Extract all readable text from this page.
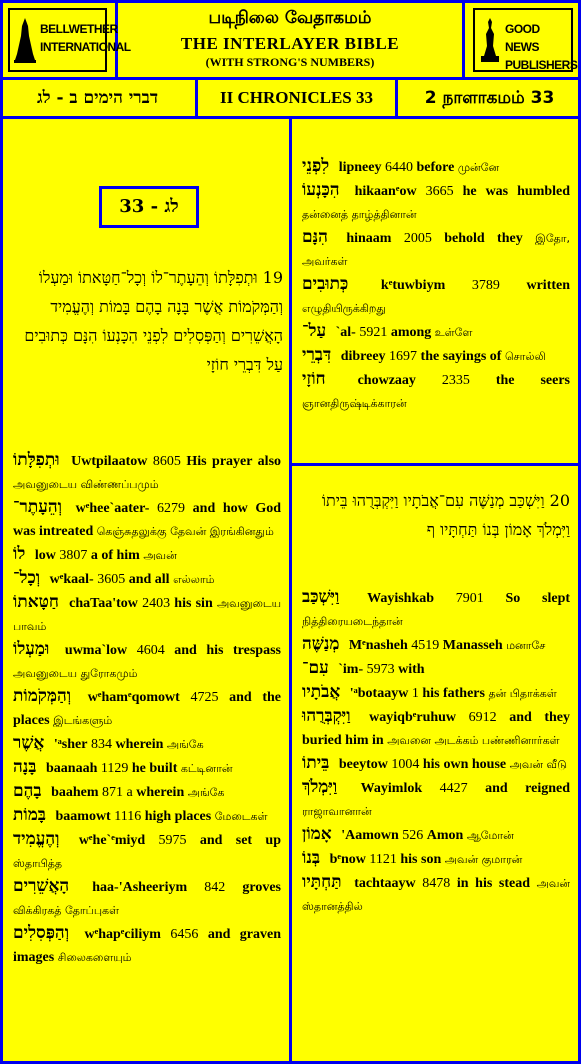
BELLWETHER
INTERNATIONAL
படிநிலை வேதாகமம்
THE INTERLAYER BIBLE
(WITH STRONG'S NUMBERS)
GOOD NEWS
PUBLISHERS
דברי הימים ב - לג	II CHRONICLES 33	2 நாளாகமம் 33
לג - 33
19 וּתְפִלָּתוֹ וְהֵעָתֶר־לוֹ וְכָל־חַטָּאתוֹ וּמַעְלוֹ וְהַמְּקֹמוֹת אֲשֶׁר בָּנָה בָהֶם בָּמוֹת וְהֶעֱמִיד הָאֲשֵׁרִים וְהַפְּסִלִים לִפְנֵי הִכָּנְעוֹ הִנָּם כְּתוּבִים עַל דִּבְרֵי חוֹזָי
וּתְפִלָּתוֹ Uwtpilaatow 8605 His prayer also அவனுடைய விண்ணப்பமும்
וְהֵעָתֶר־ wᵉhee`aater- 6279 and how God was intreated கெஞ்சுதலுக்கு தேவன் இரங்கினதும்
לוֹ low 3807 a of him அவன்
וְכָל־ wᵉkaal- 3605 and all எல்லாம்
חַטָּאתוֹ chaTaa'tow 2403 his sin அவனுடைய பாவம்
וּמַעְלוֹ uwma`low 4604 and his trespass அவனுடைய துரோகமும்
וְהַמְּקֹמוֹת wᵉhamᵉqomowt 4725 and the places இடங்களும்
אֲשֶׁר 'ᵃsher 834 wherein அங்கே
בָּנָה baanaah 1129 he built கட்டினான்
בָהֶם baahem 871 a wherein அங்கே
בָּמוֹת baamowt 1116 high places மேடைகள்
וְהֶעֱמִיד wᵉhe`ᵉmiyd 5975 and set up ஸ்தாபித்த
הָאֲשֵׁרִים haa-'Asheeriym 842 groves விக்கிரகத் தோப்புகள்
וְהַפְּסִלִים wᵉhapᵉciliym 6456 and graven images சிலைகளையும்
לִפְנֵי lipneey 6440 before முன்னே
הִכָּנְעוֹ hikaanᵉow 3665 he was humbled தன்னைத் தாழ்த்தினான்
הִנָּם hinaam 2005 behold they இதோ, அவர்கள்
כְּתוּבִים kᵉtuwbiym 3789 written எழுதியிருக்கிறது
עַל־ `al- 5921 among உள்ளே
דִּבְרֵי dibreey 1697 the sayings of சொல்லி
חוֹזָי chowzaay 2335 the seers ஞானதிருஷ்டிக்காரன்
20 וַיִּשְׁכַּב מְנַשֶּׁה עִם־אֲבֹתָיו וַיִּקְבְּרֻהוּ בֵּיתוֹ וַיִּמְלֹךְ אָמוֹן בְּנוֹ תַּחְתָּיו ף
וַיִּשְׁכַּב Wayishkab 7901 So slept நித்திரையடைந்தான்
מְנַשֶּׁה Mᵉnasheh 4519 Manasseh மனாசே
עִם־ `im- 5973 with
אֲבֹתָיו 'ᵃbotaayw 1 his fathers தன் பிதாக்கள்
וַיִּקְבְּרֻהוּ wayiqbᵉruhuw 6912 and they buried him in அவனை அடக்கம் பண்ணினார்கள்
בֵּיתוֹ beeytow 1004 his own house அவன் வீடு
וַיִּמְלֹךְ Wayimlok 4427 and reigned ராஜாவானான்
אָמוֹן 'Aamown 526 Amon ஆமோன்
בְּנוֹ bᵉnow 1121 his son அவன் குமாரன்
תַּחְתָּיו tachtaayw 8478 in his stead அவன் ஸ்தானத்தில்
